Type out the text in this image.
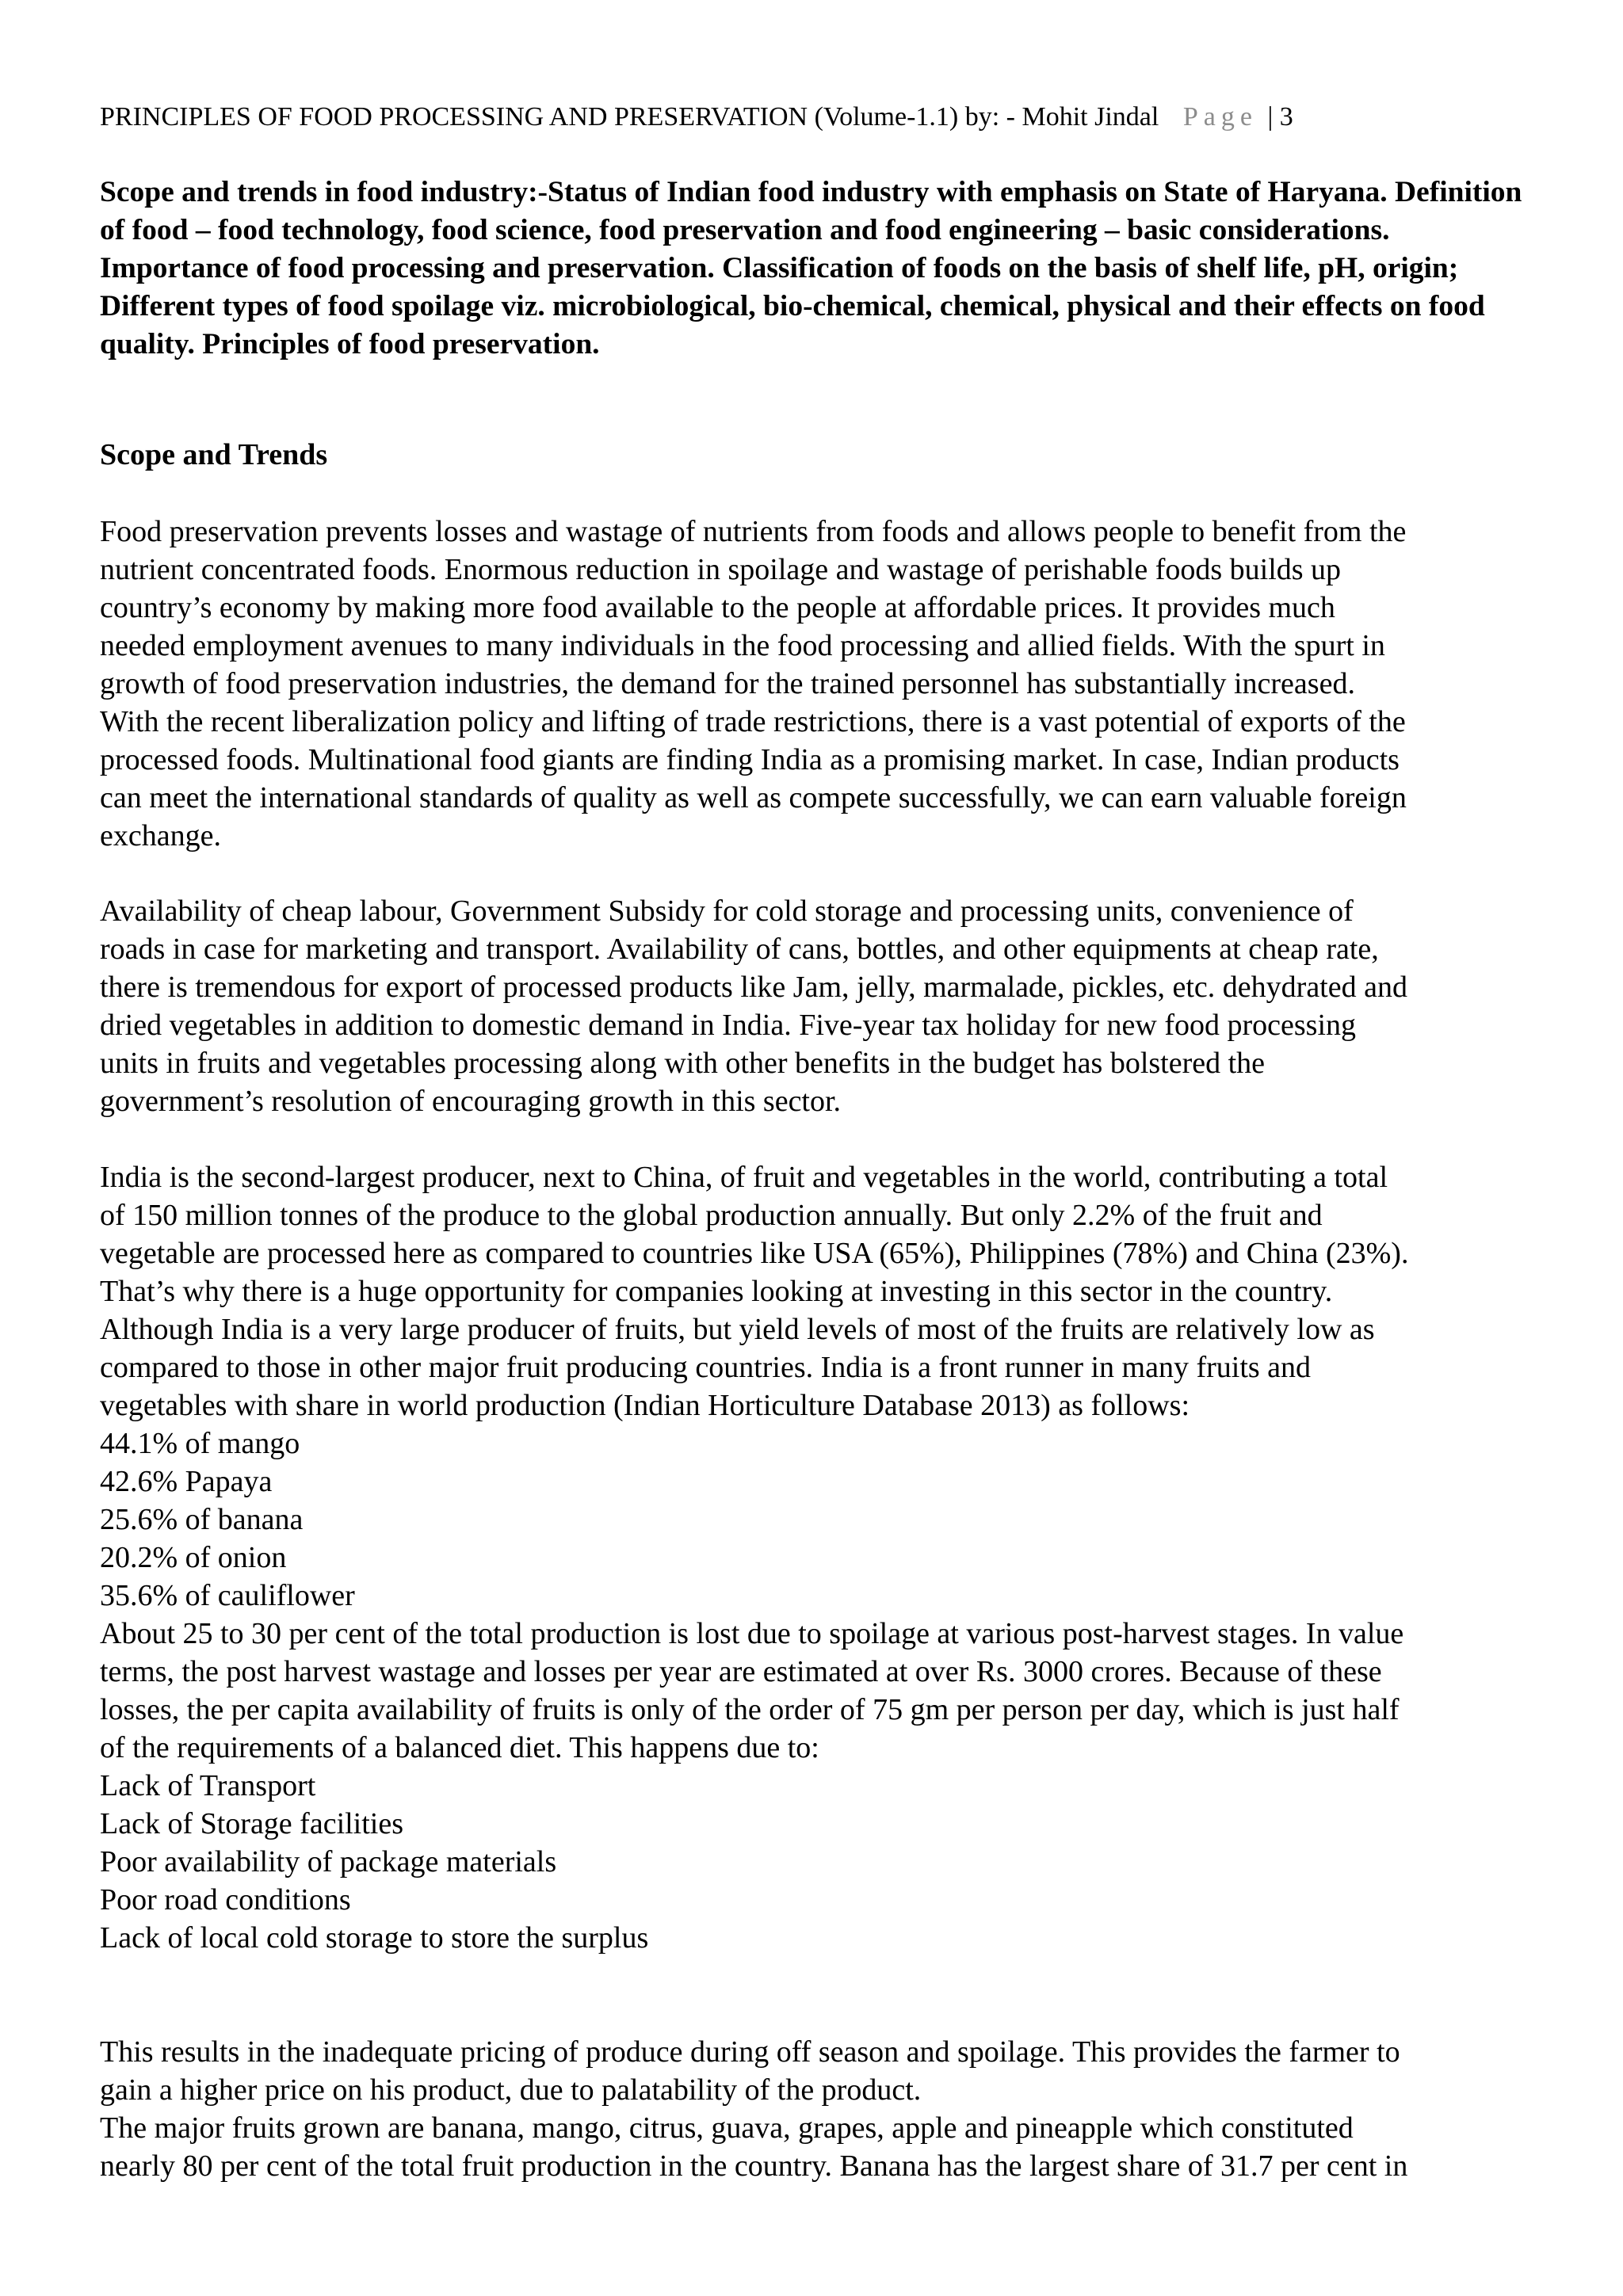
PRINCIPLES OF FOOD PROCESSING AND PRESERVATION (Volume-1.1) by: - Mohit Jindal Page | 3
Scope and trends in food industry:-Status of Indian food industry with emphasis on State of Haryana. Definition of food – food technology, food science, food preservation and food engineering – basic considerations. Importance of food processing and preservation. Classification of foods on the basis of shelf life, pH, origin; Different types of food spoilage viz. microbiological, bio-chemical, chemical, physical and their effects on food quality. Principles of food preservation.
Scope and Trends
Food preservation prevents losses and wastage of nutrients from foods and allows people to benefit from the
nutrient concentrated foods. Enormous reduction in spoilage and wastage of perishable foods builds up
country’s economy by making more food available to the people at affordable prices. It provides much
needed employment avenues to many individuals in the food processing and allied fields. With the spurt in
growth of food preservation industries, the demand for the trained personnel has substantially increased.
With the recent liberalization policy and lifting of trade restrictions, there is a vast potential of exports of the
processed foods. Multinational food giants are finding India as a promising market. In case, Indian products
can meet the international standards of quality as well as compete successfully, we can earn valuable foreign
exchange.
Availability of cheap labour, Government Subsidy for cold storage and processing units, convenience of
roads in case for marketing and transport. Availability of cans, bottles, and other equipments at cheap rate,
there is tremendous for export of processed products like Jam, jelly, marmalade, pickles, etc. dehydrated and
dried vegetables in addition to domestic demand in India. Five-year tax holiday for new food processing
units in fruits and vegetables processing along with other benefits in the budget has bolstered the
government’s resolution of encouraging growth in this sector.
India is the second-largest producer, next to China, of fruit and vegetables in the world, contributing a total
of 150 million tonnes of the produce to the global production annually. But only 2.2% of the fruit and
vegetable are processed here as compared to countries like USA (65%), Philippines (78%) and China (23%).
That’s why there is a huge opportunity for companies looking at investing in this sector in the country.
Although India is a very large producer of fruits, but yield levels of most of the fruits are relatively low as
compared to those in other major fruit producing countries. India is a front runner in many fruits and
vegetables with share in world production (Indian Horticulture Database 2013) as follows:
44.1% of mango
42.6% Papaya
25.6% of banana
20.2% of onion
35.6% of cauliflower
About 25 to 30 per cent of the total production is lost due to spoilage at various post-harvest stages. In value
terms, the post harvest wastage and losses per year are estimated at over Rs. 3000 crores. Because of these
losses, the per capita availability of fruits is only of the order of 75 gm per person per day, which is just half
of the requirements of a balanced diet. This happens due to:
Lack of Transport
Lack of Storage facilities
Poor availability of package materials
Poor road conditions
Lack of local cold storage to store the surplus
This results in the inadequate pricing of produce during off season and spoilage. This provides the farmer to
gain a higher price on his product, due to palatability of the product.
The major fruits grown are banana, mango, citrus, guava, grapes, apple and pineapple which constituted
nearly 80 per cent of the total fruit production in the country. Banana has the largest share of 31.7 per cent in
